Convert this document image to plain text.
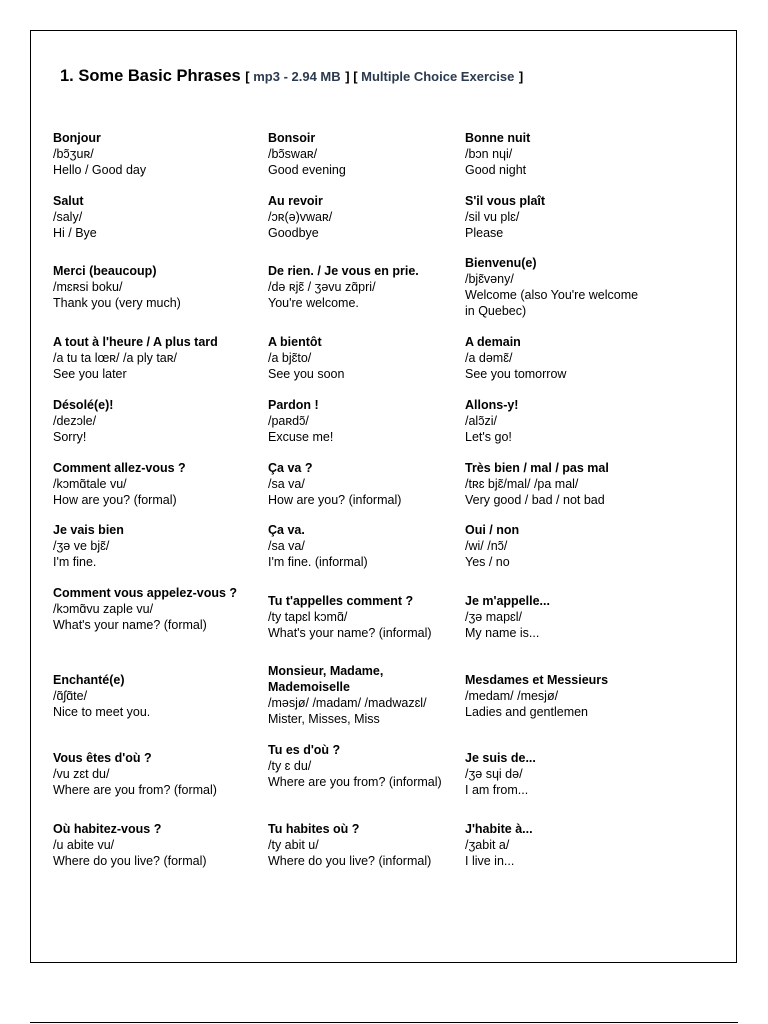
1. Some Basic Phrases [ mp3 - 2.94 MB ] [ Multiple Choice Exercise ]
Bonjour
/bɔ̃ʒuʀ/
Hello / Good day
Bonsoir
/bɔ̃swaʀ/
Good evening
Bonne nuit
/bɔn nɥi/
Good night
Salut
/saly/
Hi / Bye
Au revoir
/ɔʀ(ə)vwaʀ/
Goodbye
S'il vous plaît
/sil vu plɛ/
Please
Merci (beaucoup)
/mɛʀsi boku/
Thank you (very much)
De rien. / Je vous en prie.
/də ʀjɛ̃ / ʒəvu zɑ̃pri/
You're welcome.
Bienvenu(e)
/bjɛ̃vəny/
Welcome (also You're welcome in Quebec)
A tout à l'heure / A plus tard
/a tu ta lœʀ/ /a ply taʀ/
See you later
A bientôt
/a bjɛ̃to/
See you soon
A demain
/a dəmɛ̃/
See you tomorrow
Désolé(e)!
/dezɔle/
Sorry!
Pardon !
/paʀdɔ̃/
Excuse me!
Allons-y!
/alɔ̃zi/
Let's go!
Comment allez-vous ?
/kɔmɑ̃tale vu/
How are you? (formal)
Ça va ?
/sa va/
How are you? (informal)
Très bien / mal / pas mal
/tʀɛ bjɛ̃/mal/ /pa mal/
Very good / bad / not bad
Je vais bien
/ʒə ve bjɛ̃/
I'm fine.
Ça va.
/sa va/
I'm fine. (informal)
Oui / non
/wi/ /nɔ̃/
Yes / no
Comment vous appelez-vous ?
/kɔmɑ̃vu zaple vu/
What's your name? (formal)
Tu t'appelles comment ?
/ty tapɛl kɔmɑ̃/
What's your name? (informal)
Je m'appelle...
/ʒə mapɛl/
My name is...
Enchanté(e)
/ɑ̃ʃɑ̃te/
Nice to meet you.
Monsieur, Madame, Mademoiselle
/məsjø/ /madam/ /madwazɛl/
Mister, Misses, Miss
Mesdames et Messieurs
/medam/ /mesjø/
Ladies and gentlemen
Vous êtes d'où ?
/vu zɛt du/
Where are you from? (formal)
Tu es d'où ?
/ty ɛ du/
Where are you from? (informal)
Je suis de...
/ʒə sɥi də/
I am from...
Où habitez-vous ?
/u abite vu/
Where do you live? (formal)
Tu habites où ?
/ty abit u/
Where do you live? (informal)
J'habite à...
/ʒabit a/
I live in...
